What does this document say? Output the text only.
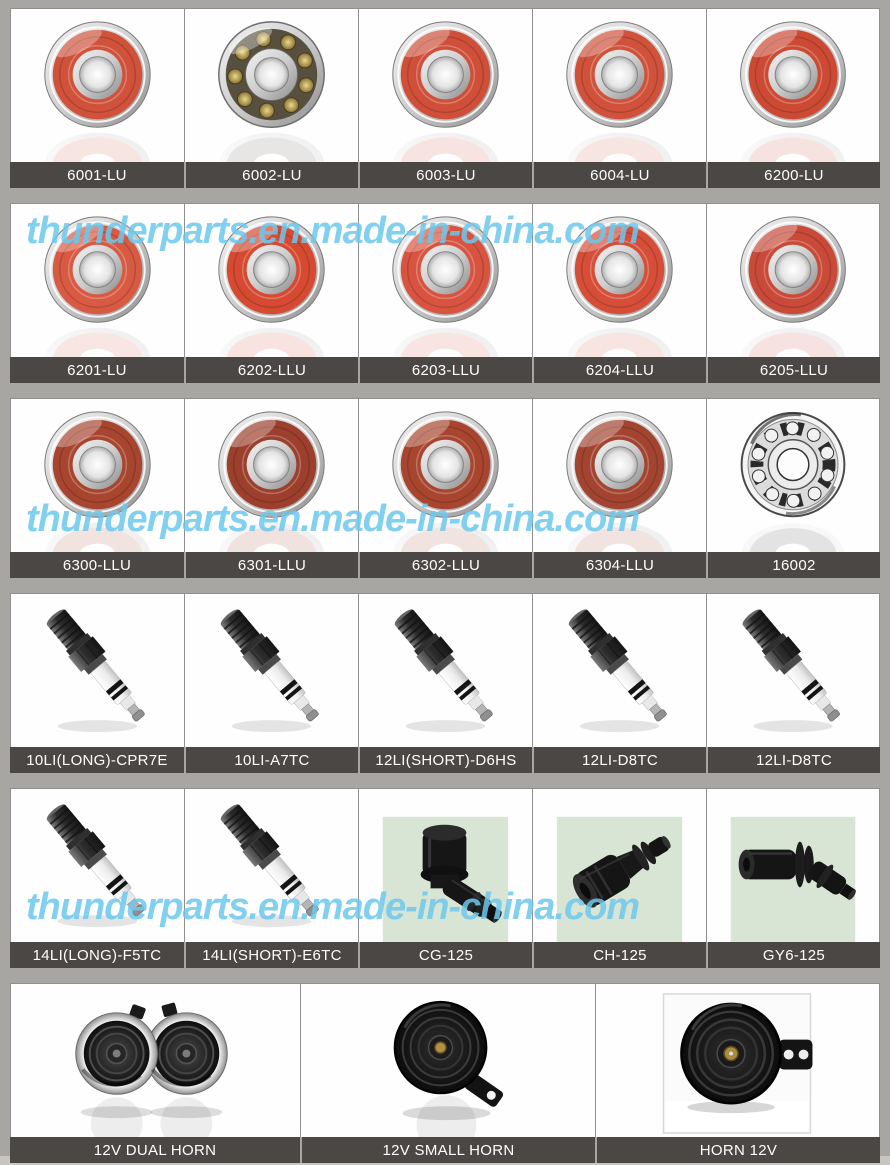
6001-LU	6002-LU	6003-LU	6004-LU	6200-LU
6201-LU	6202-LLU	6203-LLU	6204-LLU	6205-LLU
6300-LLU	6301-LLU	6302-LLU	6304-LLU	16002
10LI(LONG)-CPR7E	10LI-A7TC	12LI(SHORT)-D6HS	12LI-D8TC	12LI-D8TC
14LI(LONG)-F5TC	14LI(SHORT)-E6TC	CG-125	CH-125	GY6-125
12V DUAL HORN	12V SMALL HORN	HORN 12V
thunderparts.en.made-in-china.com
thunderparts.en.made-in-china.com
thunderparts.en.made-in-china.com
